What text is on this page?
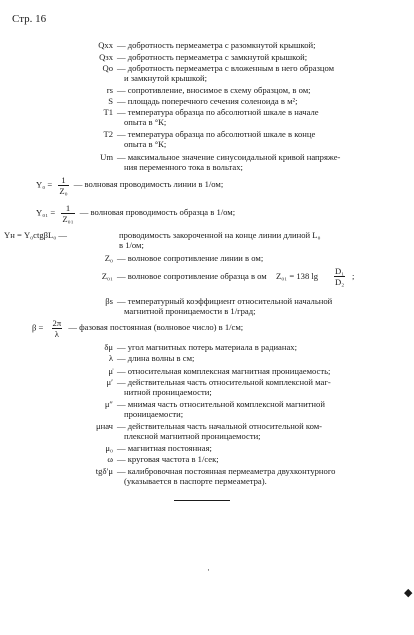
Стр. 16
Qхх — добротность пермеаметра с разомкнутой крышкой;
Qзх — добротность пермеаметра с замкнутой крышкой;
Qo — добротность пермеаметра с вложенным в него образцом
и замкнутой крышкой;
rs — сопротивление, вносимое в схему образцом, в ом;
S — площадь поперечного сечения соленоида в м²;
T1 — температура образца по абсолютной шкале в начале
опыта в °К;
T2 — температура образца по абсолютной шкале в конце
опыта в °К;
Um — максимальное значение синусоидальной кривой напряже-
ния переменного тока в вольтах;
$Y_0 = \frac{1}{\text{Z₀}}$ — волновая проводимость линии в 1/ом;
$Y_{01} = \frac{1}{\text{Z₀₁}}$ — волновая проводимость образца в 1/ом;
Yн = Y₀ctgβL₀ —	проводимость закороченной на конце линии длиной L₀
в 1/ом;
Z₀ — волновое сопротивление линии в ом;
Z₀₁ — волновое сопротивление образца в ом Z₀₁ = 138 $\lg \frac{\text{D₁}}{\text{D₂}}$ ;
βs — температурный коэффициент относительной начальной
магнитной проницаемости в 1/град;
$\beta = \frac{2\pi}{\lambda}$ — фазовая постоянная (волновое число) в 1/см;
δμ — угол магнитных потерь материала в радианах;
λ — длина волны в см;
μ̇ — относительная комплексная магнитная проницаемость;
μ′ — действительная часть относительной комплексной маг-
нитной проницаемости;
μ″ — мнимая часть относительной комплексной магнитной
проницаемости;
μнач — действительная часть начальной относительной ком-
плексной магнитной проницаемости;
μ₀ — магнитная постоянная;
ω — круговая частота в 1/сек;
tgδ′μ — калибровочная постоянная пермеаметра двухконтурного
(указывается в паспорте пермеаметра).
·
◆
